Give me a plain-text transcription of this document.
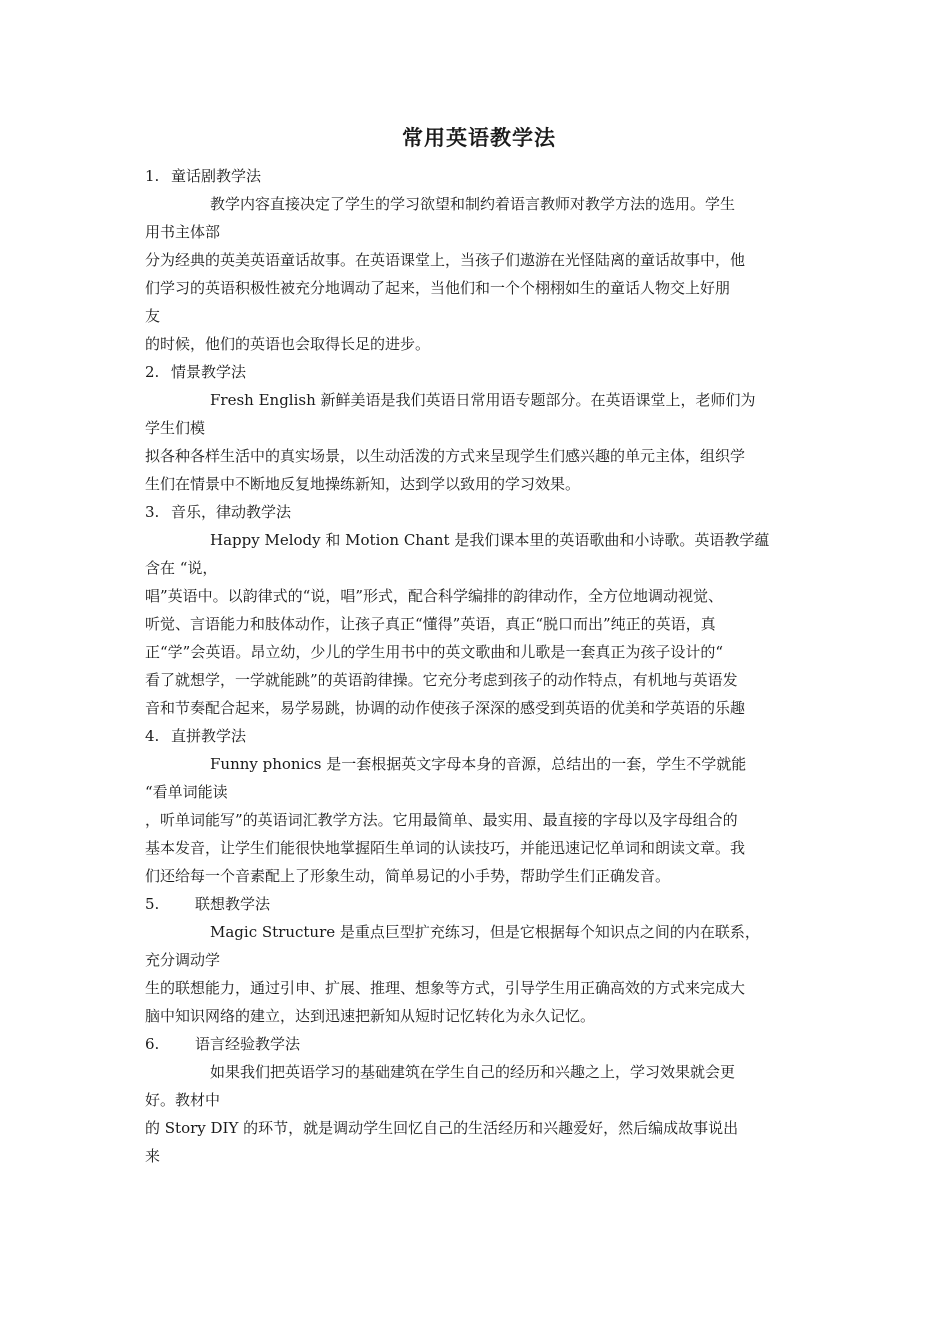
常用英语教学法
1. 童话剧教学法
教学内容直接决定了学生的学习欲望和制约着语言教师对教学方法的选用。学生
用书主体部
分为经典的英美英语童话故事。在英语课堂上，当孩子们遨游在光怪陆离的童话故事中，他
们学习的英语积极性被充分地调动了起来，当他们和一个个栩栩如生的童话人物交上好朋
友
的时候，他们的英语也会取得长足的进步。
2. 情景教学法
Fresh English 新鲜美语是我们英语日常用语专题部分。在英语课堂上，老师们为
学生们模
拟各种各样生活中的真实场景，以生动活泼的方式来呈现学生们感兴趣的单元主体，组织学
生们在情景中不断地反复地操练新知，达到学以致用的学习效果。
3. 音乐，律动教学法
Happy Melody 和 Motion Chant 是我们课本里的英语歌曲和小诗歌。英语教学蕴
含在 “说，
唱”英语中。以韵律式的“说，唱”形式，配合科学编排的韵律动作，全方位地调动视觉、
听觉、言语能力和肢体动作，让孩子真正“懂得”英语，真正“脱口而出”纯正的英语，真
正“学”会英语。昂立幼，少儿的学生用书中的英文歌曲和儿歌是一套真正为孩子设计的“
看了就想学，一学就能跳”的英语韵律操。它充分考虑到孩子的动作特点，有机地与英语发
音和节奏配合起来，易学易跳，协调的动作使孩子深深的感受到英语的优美和学英语的乐趣
4. 直拼教学法
Funny phonics 是一套根据英文字母本身的音源，总结出的一套，学生不学就能
“看单词能读
，听单词能写”的英语词汇教学方法。它用最简单、最实用、最直接的字母以及字母组合的
基本发音，让学生们能很快地掌握陌生单词的认读技巧，并能迅速记忆单词和朗读文章。我
们还给每一个音素配上了形象生动，简单易记的小手势，帮助学生们正确发音。
5. 联想教学法
Magic Structure 是重点巨型扩充练习，但是它根据每个知识点之间的内在联系，
充分调动学
生的联想能力，通过引申、扩展、推理、想象等方式，引导学生用正确高效的方式来完成大
脑中知识网络的建立，达到迅速把新知从短时记忆转化为永久记忆。
6. 语言经验教学法
如果我们把英语学习的基础建筑在学生自己的经历和兴趣之上，学习效果就会更
好。教材中
的 Story DIY 的环节，就是调动学生回忆自己的生活经历和兴趣爱好，然后编成故事说出
来
